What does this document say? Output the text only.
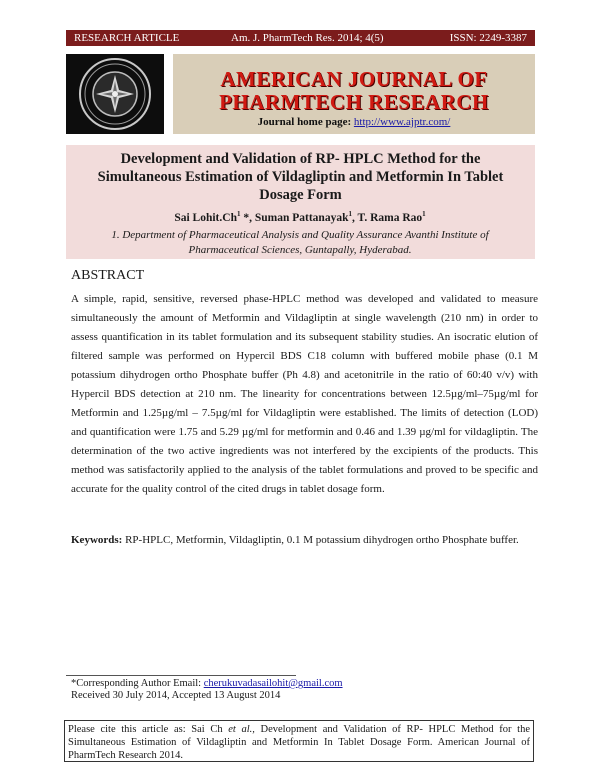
RESEARCH ARTICLE	Am. J. PharmTech Res. 2014; 4(5)	ISSN: 2249-3387
AMERICAN JOURNAL OF
PHARMTECH RESEARCH
Journal home page: http://www.ajptr.com/
Development and Validation of RP- HPLC Method for the Simultaneous Estimation of Vildagliptin and Metformin In Tablet Dosage Form
Sai Lohit.Ch$^1$ *, Suman Pattanayak$^1$, T. Rama Rao$^1$
1. Department of Pharmaceutical Analysis and Quality Assurance Avanthi Institute of Pharmaceutical Sciences, Guntapally, Hyderabad.
ABSTRACT

A simple, rapid, sensitive, reversed phase-HPLC method was developed and validated to measure simultaneously the amount of Metformin and Vildagliptin at single wavelength (210 nm) in order to assess quantification in its tablet formulation and its subsequent stability studies. An isocratic elution of filtered sample was performed on Hypercil BDS C18 column with buffered mobile phase (0.1 M potassium dihydrogen ortho Phosphate buffer (Ph 4.8) and acetonitrile in the ratio of 60:40 v/v) with Hypercil BDS detection at 210 nm. The linearity for concentrations between 12.5µg/ml–75µg/ml for Metformin and 1.25µg/ml – 7.5µg/ml for Vildagliptin were established. The limits of detection (LOD) and quantification were 1.75 and 5.29 µg/ml for metformin and 0.46 and 1.39 µg/ml for vildagliptin. The determination of the two active ingredients was not interfered by the excipients of the products. This method was satisfactorily applied to the analysis of the tablet formulations and proved to be specific and accurate for the quality control of the cited drugs in tablet dosage form.

Keywords: RP-HPLC, Metformin, Vildagliptin, 0.1 M potassium dihydrogen ortho Phosphate buffer.

*Corresponding Author Email: cherukuvadasailohit@gmail.com
Received 30 July 2014, Accepted 13 August 2014
Please cite this article as: Sai Ch et al., Development and Validation of RP- HPLC Method for the Simultaneous Estimation of Vildagliptin and Metformin In Tablet Dosage Form. American Journal of PharmTech Research 2014.
